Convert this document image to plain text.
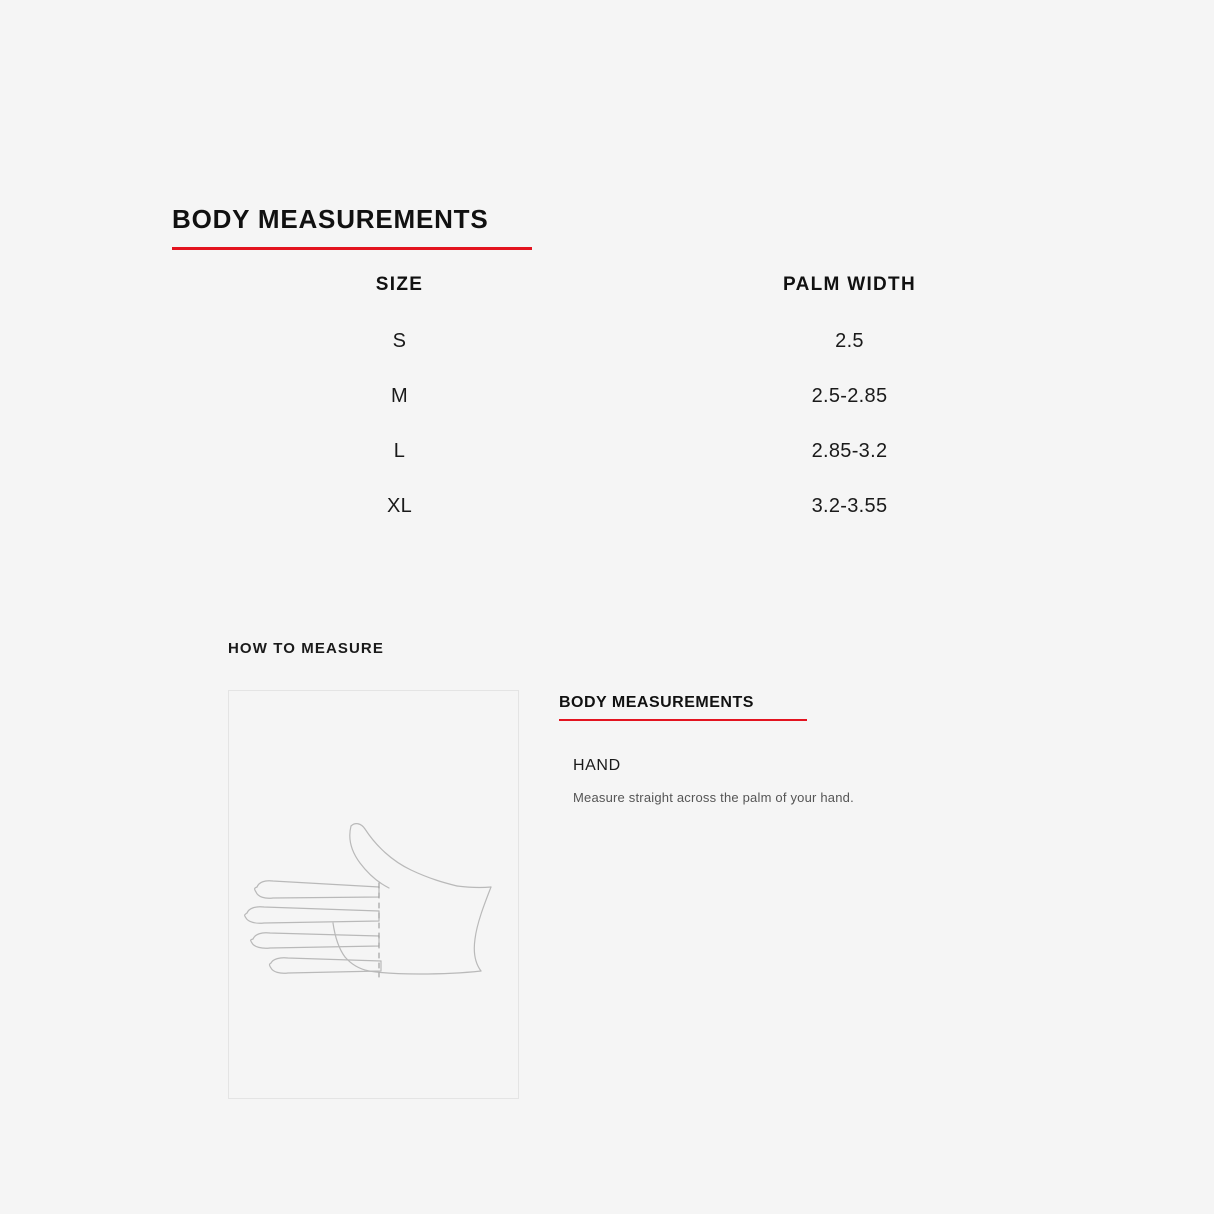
BODY MEASUREMENTS
SIZE	PALM WIDTH
S	2.5
M	2.5-2.85
L	2.85-3.2
XL	3.2-3.55
HOW TO MEASURE
BODY MEASUREMENTS
HAND

Measure straight across the palm of your hand.
